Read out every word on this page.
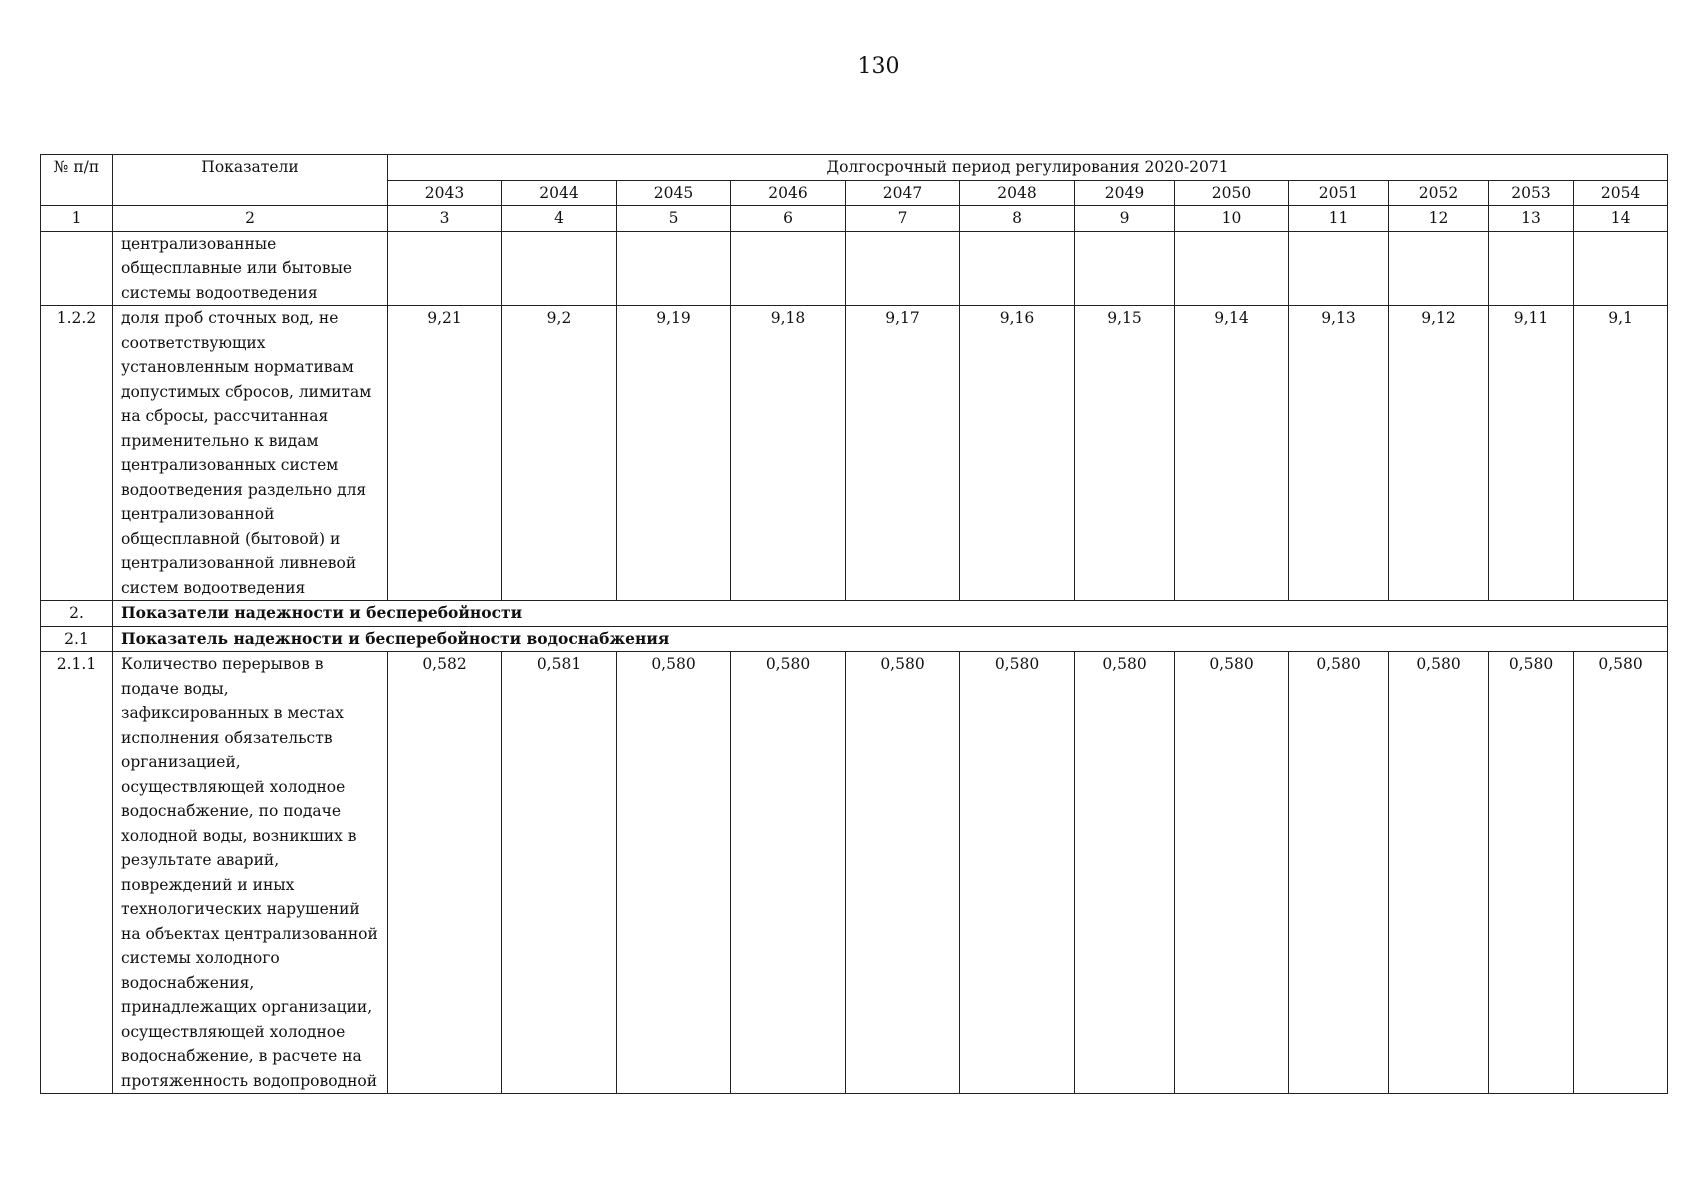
130
№ п/п	Показатели	Долгосрочный период регулирования 2020-2071											
		2043	2044	2045	2046	2047	2048	2049	2050	2051	2052	2053	2054
1	2	3	4	5	6	7	8	9	10	11	12	13	14
	централизованные общесплавные или бытовые системы водоотведения												
1.2.2	доля проб сточных вод, не соответствующих установленным нормативам допустимых сбросов, лимитам на сбросы, рассчитанная применительно к видам централизованных систем водоотведения раздельно для централизованной общесплавной (бытовой) и централизованной ливневой систем водоотведения	9,21	9,2	9,19	9,18	9,17	9,16	9,15	9,14	9,13	9,12	9,11	9,1
2.	Показатели надежности и бесперебойности												
2.1	Показатель надежности и бесперебойности водоснабжения												
2.1.1	Количество перерывов в подаче воды, зафиксированных в местах исполнения обязательств организацией, осуществляющей холодное водоснабжение, по подаче холодной воды, возникших в результате аварий, повреждений и иных технологических нарушений на объектах централизованной системы холодного водоснабжения, принадлежащих организации, осуществляющей холодное водоснабжение, в расчете на протяженность водопроводной	0,582	0,581	0,580	0,580	0,580	0,580	0,580	0,580	0,580	0,580	0,580	0,580
